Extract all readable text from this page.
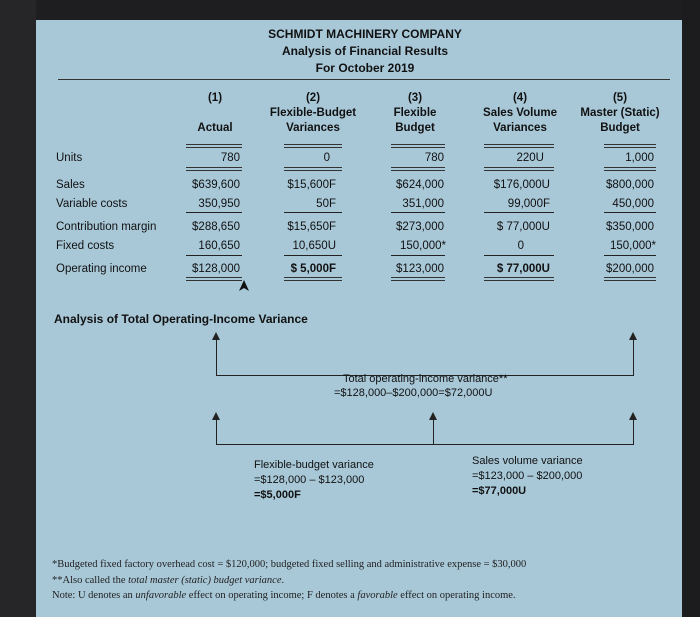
SCHMIDT MACHINERY COMPANY
Analysis of Financial Results
For October 2019
(1)
Actual
(2)
Flexible-Budget
Variances
(3)
Flexible
Budget
(4)
Sales Volume
Variances
(5)
Master (Static)
Budget
Units
Sales
Variable costs
Contribution margin
Fixed costs
Operating income
780
$639,600
350,950
$288,650
160,650
$128,000
0
$15,600F
50F
$15,650F
10,650U
$ 5,000F
780
$624,000
351,000
$273,000
150,000*
$123,000
220U
$176,000U
99,000F
$ 77,000U
0
$ 77,000U
1,000
$800,000
450,000
$350,000
150,000*
$200,000
Analysis of Total Operating-Income Variance
Total operating-income variance**
=$128,000–$200,000=$72,000U
Flexible-budget variance
=$128,000 – $123,000
=$5,000F
Sales volume variance
=$123,000 – $200,000
=$77,000U
*Budgeted fixed factory overhead cost = $120,000; budgeted fixed selling and administrative expense = $30,000
**Also called the total master (static) budget variance.
Note: U denotes an unfavorable effect on operating income; F denotes a favorable effect on operating income.
